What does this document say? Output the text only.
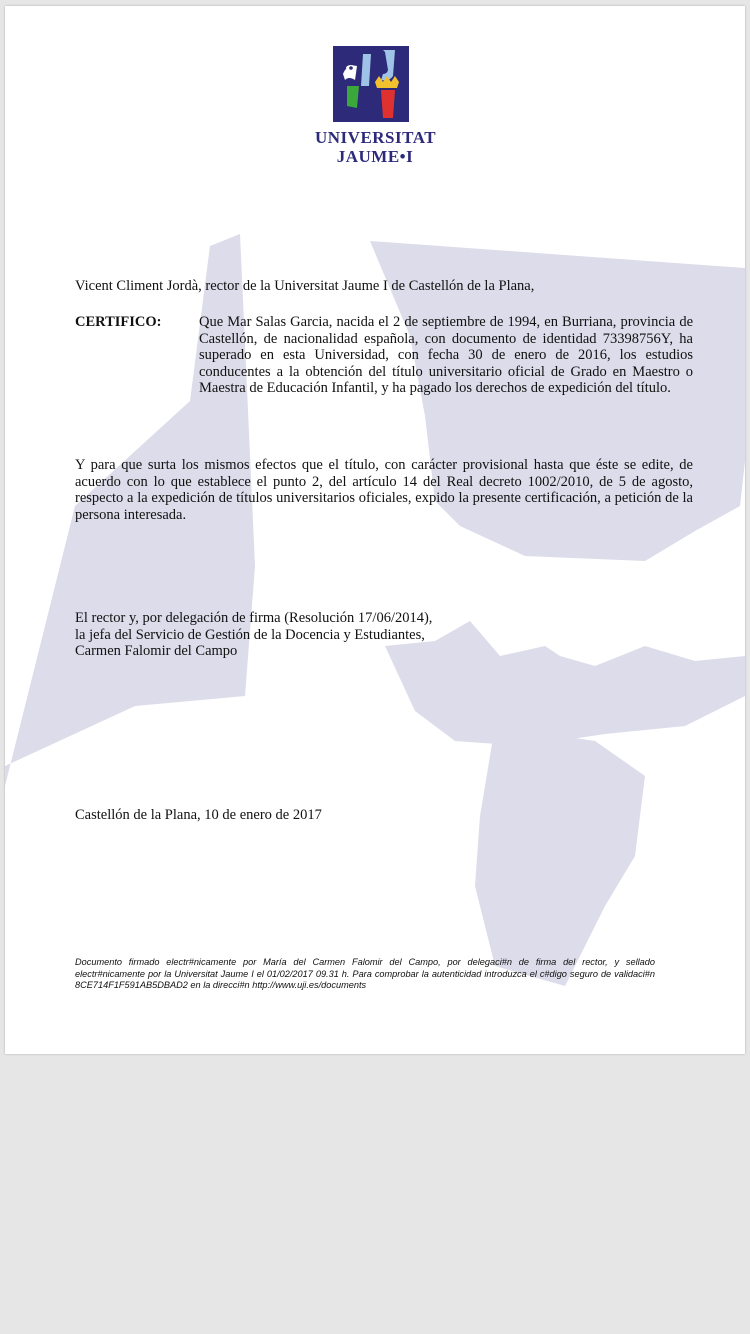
UNIVERSITAT
JAUME•I
Vicent Climent Jordà, rector de la Universitat Jaume I de Castellón de la Plana,
CERTIFICO:	Que Mar Salas Garcia, nacida el 2 de septiembre de 1994, en Burriana, provincia de Castellón, de nacionalidad española, con documento de identidad 73398756Y, ha superado en esta Universidad, con fecha 30 de enero de 2016, los estudios conducentes a la obtención del título universitario oficial de Grado en Maestro o Maestra de Educación Infantil, y ha pagado los derechos de expedición del título.
Y para que surta los mismos efectos que el título, con carácter provisional hasta que éste se edite, de acuerdo con lo que establece el punto 2, del artículo 14 del Real decreto 1002/2010, de 5 de agosto, respecto a la expedición de títulos universitarios oficiales, expido la presente certificación, a petición de la persona interesada.
El rector y, por delegación de firma (Resolución 17/06/2014),
la jefa del Servicio de Gestión de la Docencia y Estudiantes,
Carmen Falomir del Campo
Castellón de la Plana, 10 de enero de 2017
Documento firmado electr#nicamente por María del Carmen Falomir del Campo, por delegaci#n de firma del rector, y sellado electr#nicamente por la Universitat Jaume I el 01/02/2017 09.31 h. Para comprobar la autenticidad introduzca el c#digo seguro de validaci#n 8CE714F1F591AB5DBAD2 en la direcci#n http://www.uji.es/documents
